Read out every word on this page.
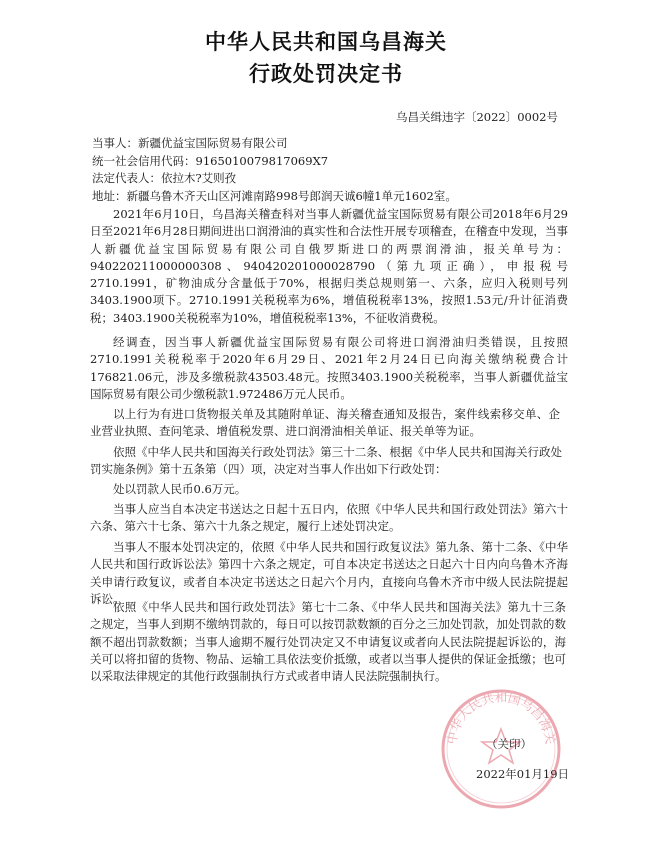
中华人民共和国乌昌海关
行政处罚决定书
乌昌关缉违字〔2022〕0002号
当事人：新疆优益宝国际贸易有限公司
统一社会信用代码：9165010079817069X7
法定代表人：依拉木?艾则孜
地址：新疆乌鲁木齐天山区河滩南路998号郎润天诚6幢1单元1602室。

2021年6月10日，乌昌海关稽查科对当事人新疆优益宝国际贸易有限公司2018年6月29日至2021年6月28日期间进出口润滑油的真实性和合法性开展专项稽查，在稽查中发现，当事人新疆优益宝国际贸易有限公司自俄罗斯进口的两票润滑油，报关单号为：940220211000000308、940420201000028790（第九项正确），申报税号2710.1991，矿物油成分含量低于70%，根据归类总规则第一、六条，应归入税则号列3403.1900项下。2710.1991关税税率为6%，增值税税率13%，按照1.53元/升计征消费税；3403.1900关税税率为10%，增值税税率13%，不征收消费税。

经调查，因当事人新疆优益宝国际贸易有限公司将进口润滑油归类错误，且按照2710.1991关税税率于2020年6月29日、2021年2月24日已向海关缴纳税费合计176821.06元，涉及多缴税款43503.48元。按照3403.1900关税税率，当事人新疆优益宝国际贸易有限公司少缴税款1.972486万元人民币。

以上行为有进口货物报关单及其随附单证、海关稽查通知及报告，案件线索移交单、企业营业执照、查问笔录、增值税发票、进口润滑油相关单证、报关单等为证。

依照《中华人民共和国海关行政处罚法》第三十二条、根据《中华人民共和国海关行政处罚实施条例》第十五条第（四）项，决定对当事人作出如下行政处罚：

处以罚款人民币0.6万元。

当事人应当自本决定书送达之日起十五日内，依照《中华人民共和国行政处罚法》第六十六条、第六十七条、第六十九条之规定，履行上述处罚决定。

当事人不服本处罚决定的，依照《中华人民共和国行政复议法》第九条、第十二条、《中华人民共和国行政诉讼法》第四十六条之规定，可自本决定书送达之日起六十日内向乌鲁木齐海关申请行政复议，或者自本决定书送达之日起六个月内，直接向乌鲁木齐市中级人民法院提起诉讼。

依照《中华人民共和国行政处罚法》第七十二条、《中华人民共和国海关法》第九十三条之规定，当事人到期不缴纳罚款的，每日可以按罚款数额的百分之三加处罚款，加处罚款的数额不超出罚款数额；当事人逾期不履行处罚决定又不申请复议或者向人民法院提起诉讼的，海关可以将扣留的货物、物品、运输工具依法变价抵缴，或者以当事人提供的保证金抵缴；也可以采取法律规定的其他行政强制执行方式或者申请人民法院强制执行。

中华人民共和国乌昌海关
（关印）
2022年01月19日
